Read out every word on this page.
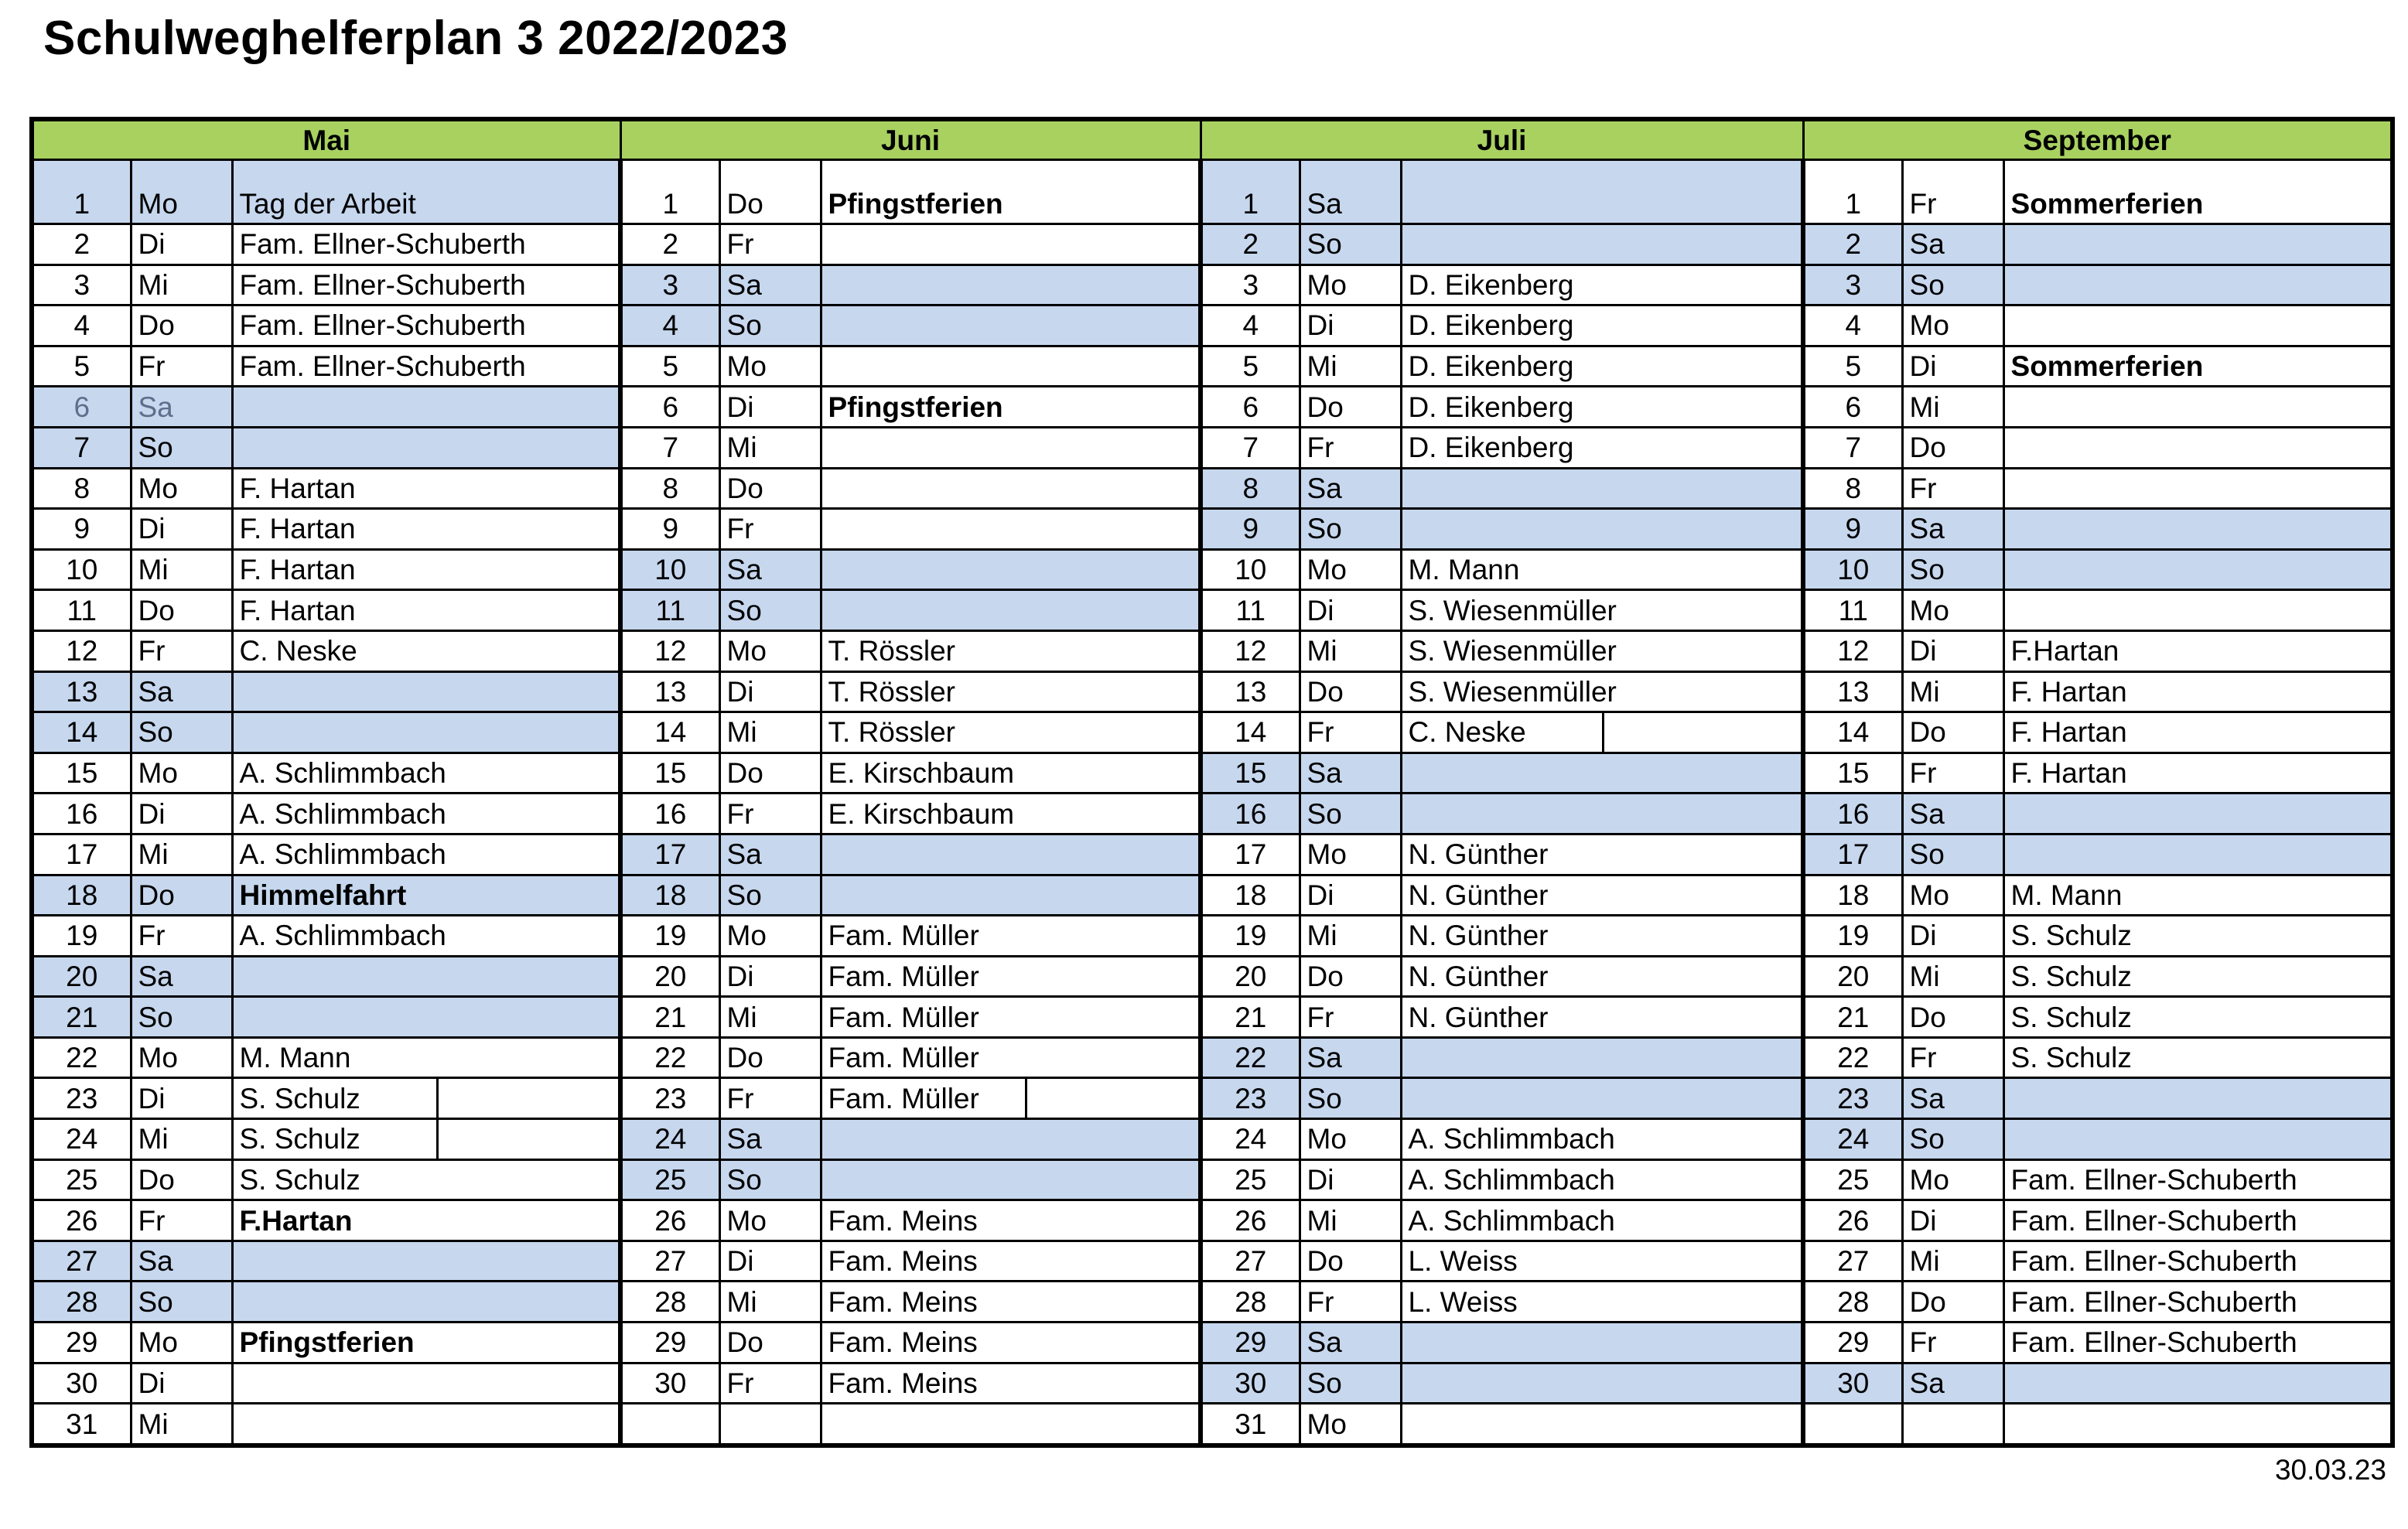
Schulweghelferplan 3 2022/2023
Mai			Juni			Juli			September		
1	Mo	Tag der Arbeit	1	Do	Pfingstferien	1	Sa		1	Fr	Sommerferien
2	Di	Fam. Ellner-Schuberth	2	Fr		2	So		2	Sa	
3	Mi	Fam. Ellner-Schuberth	3	Sa		3	Mo	D. Eikenberg	3	So	
4	Do	Fam. Ellner-Schuberth	4	So		4	Di	D. Eikenberg	4	Mo	
5	Fr	Fam. Ellner-Schuberth	5	Mo		5	Mi	D. Eikenberg	5	Di	Sommerferien
6	Sa		6	Di	Pfingstferien	6	Do	D. Eikenberg	6	Mi	
7	So		7	Mi		7	Fr	D. Eikenberg	7	Do	
8	Mo	F. Hartan	8	Do		8	Sa		8	Fr	
9	Di	F. Hartan	9	Fr		9	So		9	Sa	
10	Mi	F. Hartan	10	Sa		10	Mo	M. Mann	10	So	
11	Do	F. Hartan	11	So		11	Di	S. Wiesenmüller	11	Mo	
12	Fr	C. Neske	12	Mo	T. Rössler	12	Mi	S. Wiesenmüller	12	Di	F.Hartan
13	Sa		13	Di	T. Rössler	13	Do	S. Wiesenmüller	13	Mi	F. Hartan
14	So		14	Mi	T. Rössler	14	Fr	C. Neske	14	Do	F. Hartan
15	Mo	A. Schlimmbach	15	Do	E. Kirschbaum	15	Sa		15	Fr	F. Hartan
16	Di	A. Schlimmbach	16	Fr	E. Kirschbaum	16	So		16	Sa	
17	Mi	A. Schlimmbach	17	Sa		17	Mo	N. Günther	17	So	
18	Do	Himmelfahrt	18	So		18	Di	N. Günther	18	Mo	M. Mann
19	Fr	A. Schlimmbach	19	Mo	Fam. Müller	19	Mi	N. Günther	19	Di	S. Schulz
20	Sa		20	Di	Fam. Müller	20	Do	N. Günther	20	Mi	S. Schulz
21	So		21	Mi	Fam. Müller	21	Fr	N. Günther	21	Do	S. Schulz
22	Mo	M. Mann	22	Do	Fam. Müller	22	Sa		22	Fr	S. Schulz
23	Di	S. Schulz	23	Fr	Fam. Müller	23	So		23	Sa	
24	Mi	S. Schulz	24	Sa		24	Mo	A. Schlimmbach	24	So	
25	Do	S. Schulz	25	So		25	Di	A. Schlimmbach	25	Mo	Fam. Ellner-Schuberth
26	Fr	F.Hartan	26	Mo	Fam. Meins	26	Mi	A. Schlimmbach	26	Di	Fam. Ellner-Schuberth
27	Sa		27	Di	Fam. Meins	27	Do	L. Weiss	27	Mi	Fam. Ellner-Schuberth
28	So		28	Mi	Fam. Meins	28	Fr	L. Weiss	28	Do	Fam. Ellner-Schuberth
29	Mo	Pfingstferien	29	Do	Fam. Meins	29	Sa		29	Fr	Fam. Ellner-Schuberth
30	Di		30	Fr	Fam. Meins	30	So		30	Sa	
31	Mi					31	Mo				
30.03.23
